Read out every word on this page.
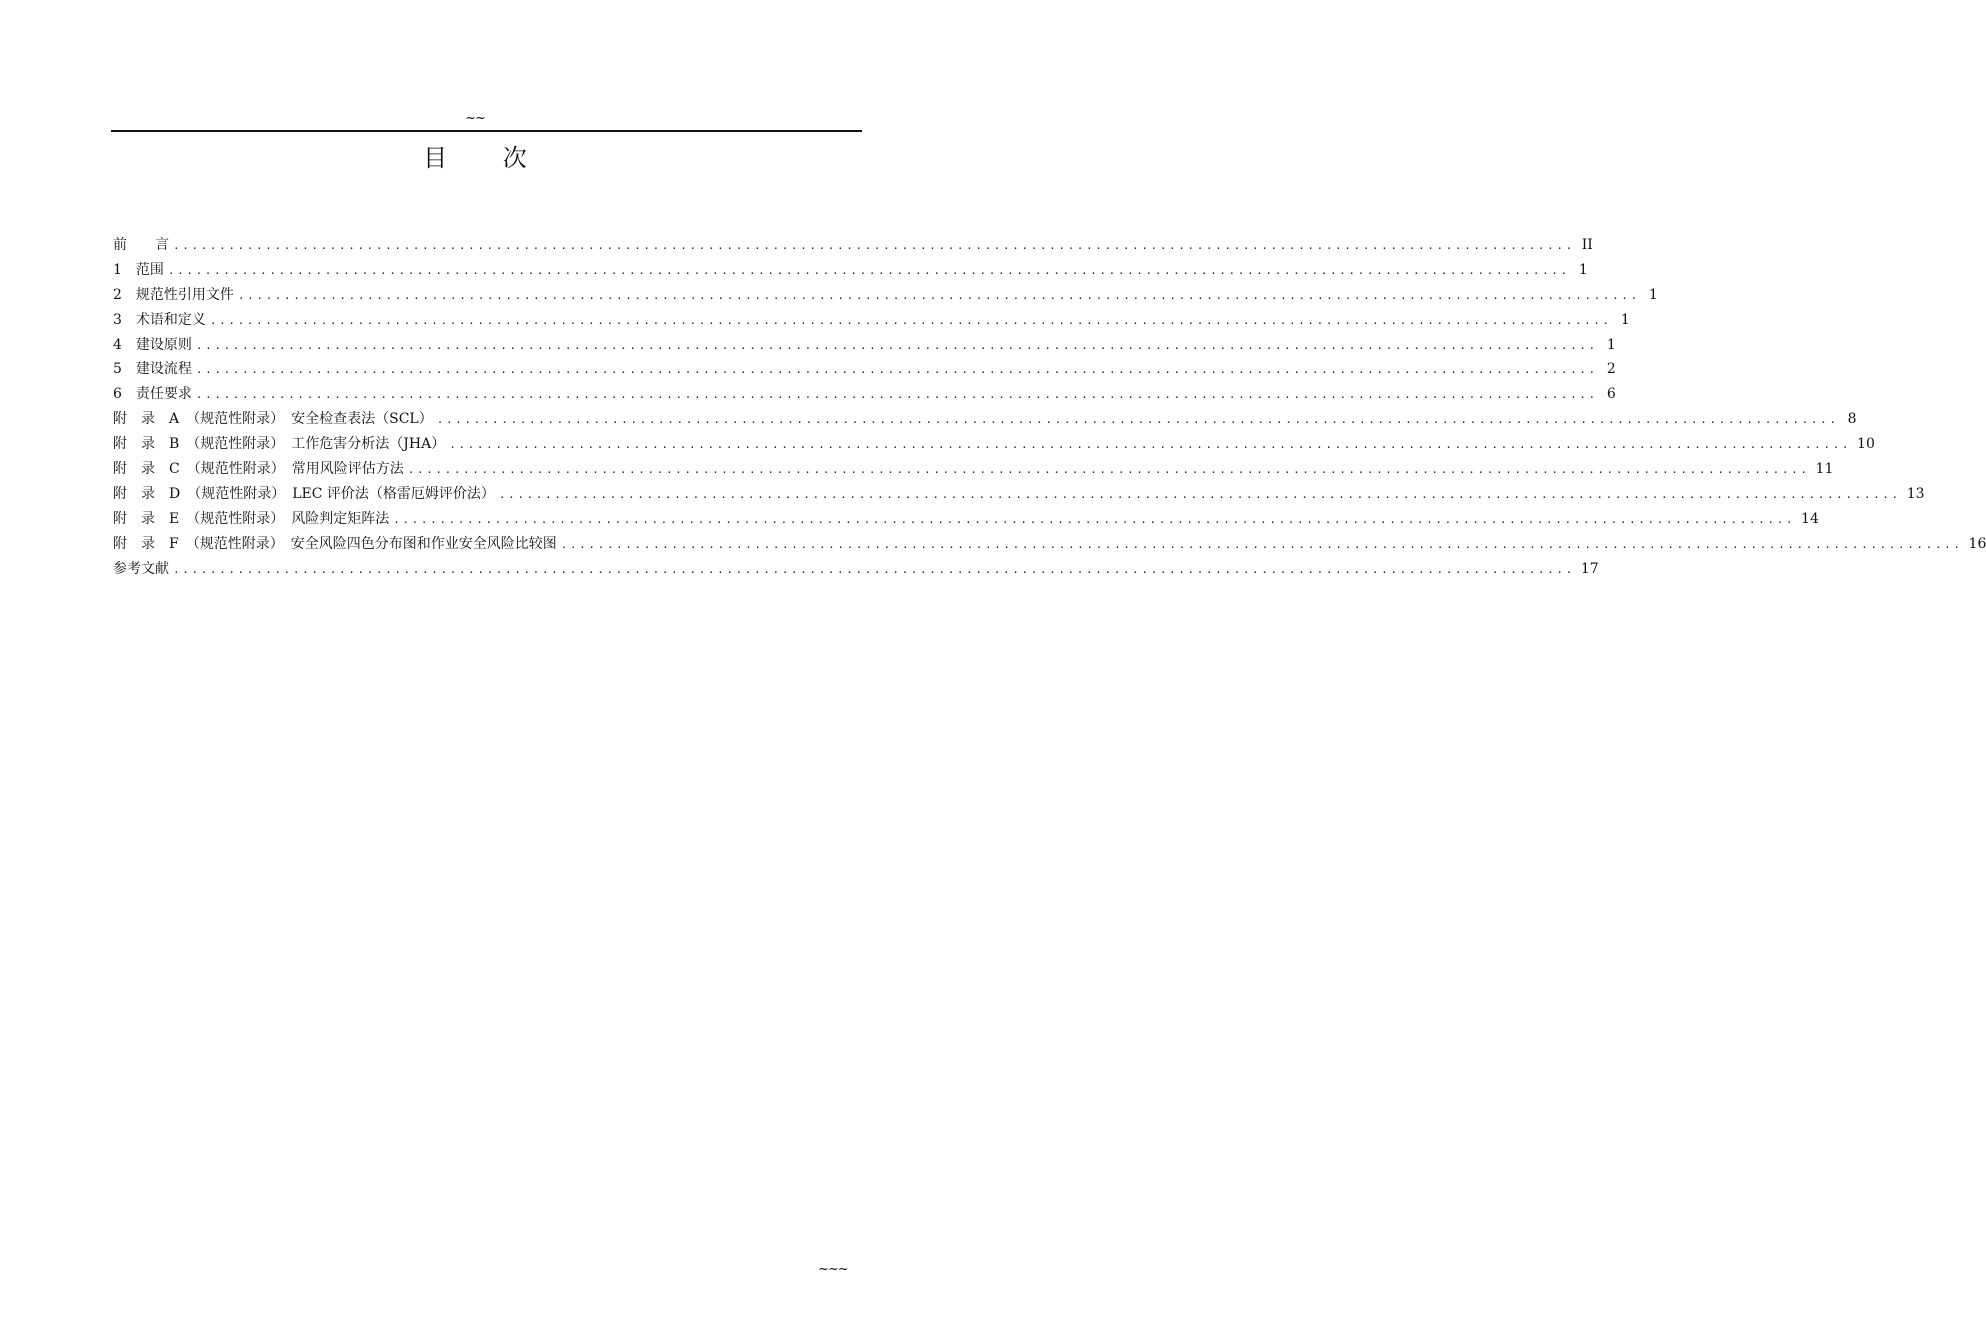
~~
目 次
前　　言 ........................................................................................................................................................ II
1　范围 ........................................................................................................................................................ 1
2　规范性引用文件 ........................................................................................................................................................ 1
3　术语和定义 ........................................................................................................................................................ 1
4　建设原则 ........................................................................................................................................................ 1
5　建设流程 ........................................................................................................................................................ 2
6　责任要求 ........................................................................................................................................................ 6
附　录　A　（规范性附录）　安全检查表法（SCL） ........................................................................................................................................................ 8
附　录　B　（规范性附录）　工作危害分析法（JHA） ........................................................................................................................................................ 10
附　录　C　（规范性附录）　常用风险评估方法 ........................................................................................................................................................ 11
附　录　D　（规范性附录）　LEC 评价法（格雷厄姆评价法） ........................................................................................................................................................ 13
附　录　E　（规范性附录）　风险判定矩阵法 ........................................................................................................................................................ 14
附　录　F　（规范性附录）　安全风险四色分布图和作业安全风险比较图 ........................................................................................................................................................ 16
参考文献 ........................................................................................................................................................ 17
~~~
